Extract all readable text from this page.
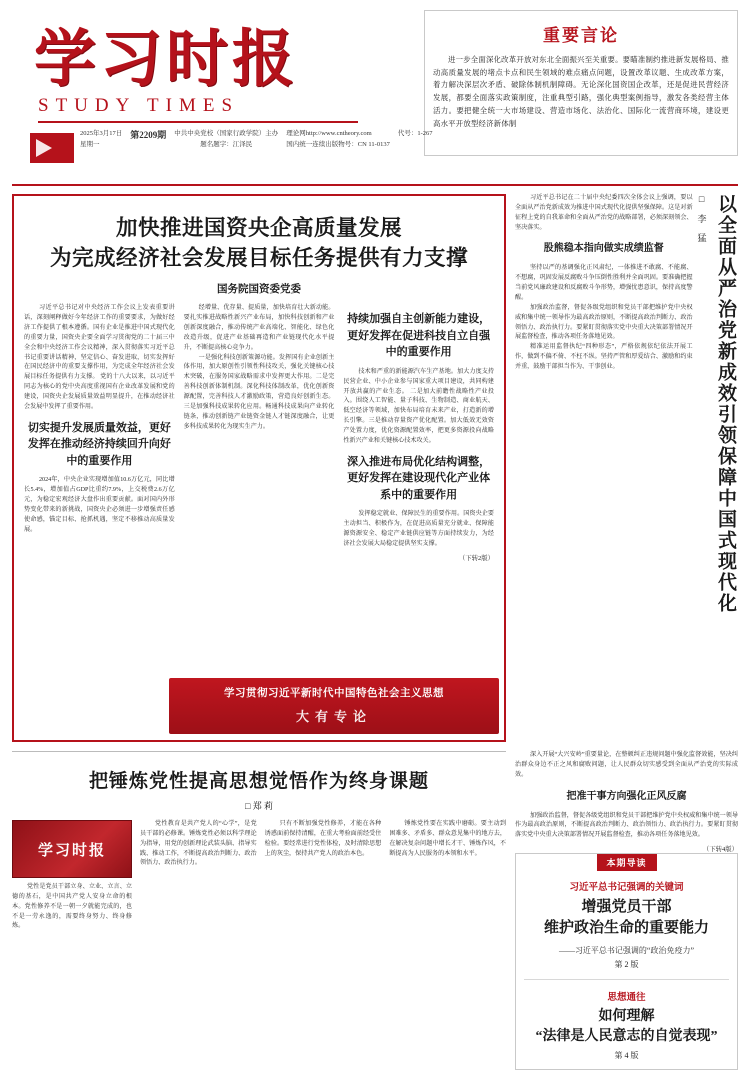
学习时报
STUDY TIMES
2025年3月17日
星期一
第2209期 中共中央党校（国家行政学院）主办
题名题字：江泽民
理论网http://www.cntheory.com
国内统一连续出版物号：CN 11-0137
代号：1-267
重要言论
进一步全面深化改革开放对东北全面振兴至关重要。要瞄准制约推进新发展格局、推动高质量发展的堵点卡点和民生领域的难点痛点问题，设置改革议题、生成改革方案，着力解决深层次矛盾、破除体制机制障碍。无论深化国资国企改革，还是促进民营经济发展，都要全面落实政策制度，注重典型引路，强化典型案例指导，激发各类经营主体活力。要把健全统一大市场建设、营造市场化、法治化、国际化一流营商环境，建设更高水平开放型经济新体制
加快推进国资央企高质量发展
为完成经济社会发展目标任务提供有力支撑
国务院国资委党委
习近平总书记对中央经济工作会议上发表重要讲话，深刻阐释做好今年经济工作的重要要求，为做好经济工作提供了根本遵循。国有企业是推进中国式现代化的重要力量，国资央企要全面学习贯彻党的二十届三中全会和中央经济工作会议精神，深入贯彻落实习近平总书记重要讲话精神，坚定信心、奋发进取，切实发挥好在国民经济中的重要支撑作用，为完成全年经济社会发展目标任务提供有力支撑。 党的十八大以来，以习近平同志为核心的党中央高度重视国有企业改革发展和党的建设，国资央企发展质量效益明显提升，在推动经济社会发展中发挥了重要作用。
切实提升发展质量效益，更好发挥在推动经济持续回升向好中的重要作用
2024年，中央企业实现增加值10.6万亿元，同比增长5.4%，增加值占GDP比重约7.9%，上交税费2.6万亿元，为稳定宏观经济大盘作出重要贡献。面对国内外形势变化带来的新挑战，国资央企必须进一步增强责任感使命感，锚定目标、抢抓机遇，坚定不移推动高质量发展。
经增量、优存量、提质量，加快培育壮大新动能。要扎实推进战略性新兴产业布局，加快科技创新和产业创新深度融合，推动传统产业高端化、智能化、绿色化改造升级，促进产业基础再造和产业链现代化水平提升，不断提高核心竞争力。
一是强化科技创新策源功能。发挥国有企业创新主体作用，加大原创性引领性科技攻关，强化关键核心技术突破，在服务国家战略需求中发挥更大作用。二是完善科技创新体制机制。深化科技体制改革，优化创新资源配置，完善科技人才激励政策，营造良好创新生态。三是加强科技成果转化应用。畅通科技成果向产业转化链条，推动创新链产业链资金链人才链深度融合，让更多科技成果转化为现实生产力。
持续加强自主创新能力建设，更好发挥在促进科技自立自强中的重要作用
技术和严重的新能源汽车生产基地。加大力度支持民营企业、中小企业参与国家重大项目建设，共同构建开放共赢的产业生态。 二是加大前瞻性战略性产业投入。围绕人工智能、量子科技、生物制造、商业航天、低空经济等领域，加快布局培育未来产业，打造新的增长引擎。三是推动存量资产优化配置。加大低效无效资产处置力度，优化资源配置效率，把更多资源投向战略性新兴产业和关键核心技术攻关。
深入推进布局优化结构调整，更好发挥在建设现代化产业体系中的重要作用
发挥稳定就业、保障民生的重要作用。国资央企要主动担当、积极作为，在促进高质量充分就业、保障能源资源安全、稳定产业链供应链等方面持续发力，为经济社会发展大局稳定提供坚实支撑。
（下转2版）
学习贯彻习近平新时代中国特色社会主义思想
大有专论
习近平总书记在二十届中央纪委四次全体会议上强调，要以全面从严治党新成效为推进中国式现代化提供坚强保障。这是对新征程上党的自我革命和全面从严治党的战略部署，必须深刻领会、坚决落实。
股熊稳本指向做实成绩监督
坚持以严的基调强化正风肃纪，一体推进不敢腐、不能腐、不想腐，巩固发展反腐败斗争压倒性胜利并全面巩固。要准确把握当前党风廉政建设和反腐败斗争形势，增强忧患意识，保持高度警醒。
加强政治监督，督促各级党组织和党员干部把维护党中央权威和集中统一领导作为最高政治原则，不断提高政治判断力、政治领悟力、政治执行力。要紧盯贯彻落实党中央重大决策部署情况开展监督检查，推动各项任务落地见效。
精准运用监督执纪“四种形态”，严格依规依纪依法开展工作，做到不偏不倚、不枉不纵。坚持严管和厚爱结合、激励和约束并重，鼓励干部担当作为、干事创业。
□ 李 猛 以全面从严治党新成效引领保障中国式现代化
把锤炼党性提高思想觉悟作为终身课题
□ 郑 莉
学习时报
党性是党员干部立身、立业、立言、立德的基石，是中国共产党人安身立命的根本。党性修养不是一朝一夕就能完成的，也不是一劳永逸的，需要终身努力、终身修炼。
党性教育是共产党人的“心学”，是党员干部的必修课。锤炼党性必须以科学理论为指导，用党的创新理论武装头脑、指导实践、推动工作，不断提高政治判断力、政治领悟力、政治执行力。
只有不断加强党性修养，才能在各种诱惑面前保持清醒，在重大考验面前经受住检验。要经常进行党性体检，及时清除思想上的灰尘，保持共产党人的政治本色。
锤炼党性要在实践中磨砺。要主动到困难多、矛盾多、群众意见集中的地方去，在解决复杂问题中增长才干、锤炼作风，不断提高为人民服务的本领和水平。
深入开展“大兴安岭”重要量论，在整顿纠正违规问题中强化监督效能，坚决纠治群众身边不正之风和腐败问题，让人民群众切实感受到全面从严治党的实际成效。
把准干事方向强化正风反腐
加强政治监督，督促各级党组织和党员干部把维护党中央权威和集中统一领导作为最高政治原则，不断提高政治判断力、政治领悟力、政治执行力。要紧盯贯彻落实党中央重大决策部署情况开展监督检查，推动各项任务落地见效。
（下转4版）
本期导读
习近平总书记强调的关键词
增强党员干部
维护政治生命的重要能力
——习近平总书记强调的“政治免疫力”
第 2 版
思想通往
如何理解
“法律是人民意志的自觉表现”
第 4 版
